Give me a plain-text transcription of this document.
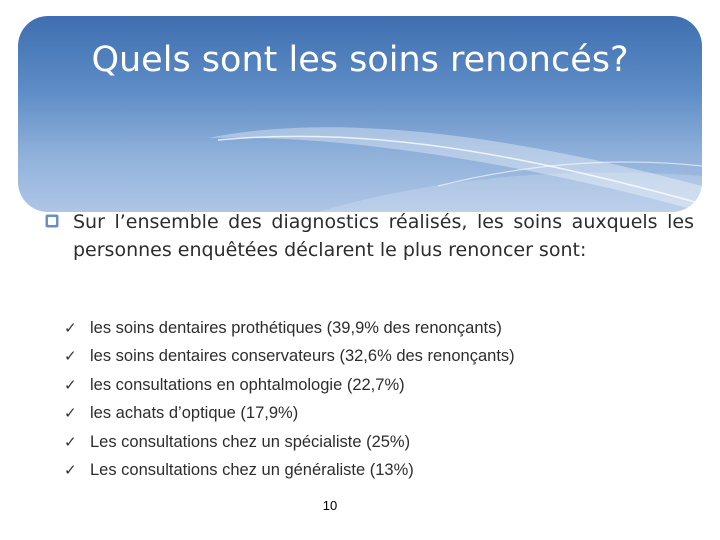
Quels sont les soins renoncés?
Sur l’ensemble des diagnostics réalisés, les soins auxquels les
personnes enquêtées déclarent le plus renoncer sont:
✓ les soins dentaires prothétiques (39,9% des renonçants)
✓ les soins dentaires conservateurs (32,6% des renonçants)
✓ les consultations en ophtalmologie (22,7%)
✓ les achats d’optique (17,9%)
✓ Les consultations chez un spécialiste (25%)
✓ Les consultations chez un généraliste (13%)
10
